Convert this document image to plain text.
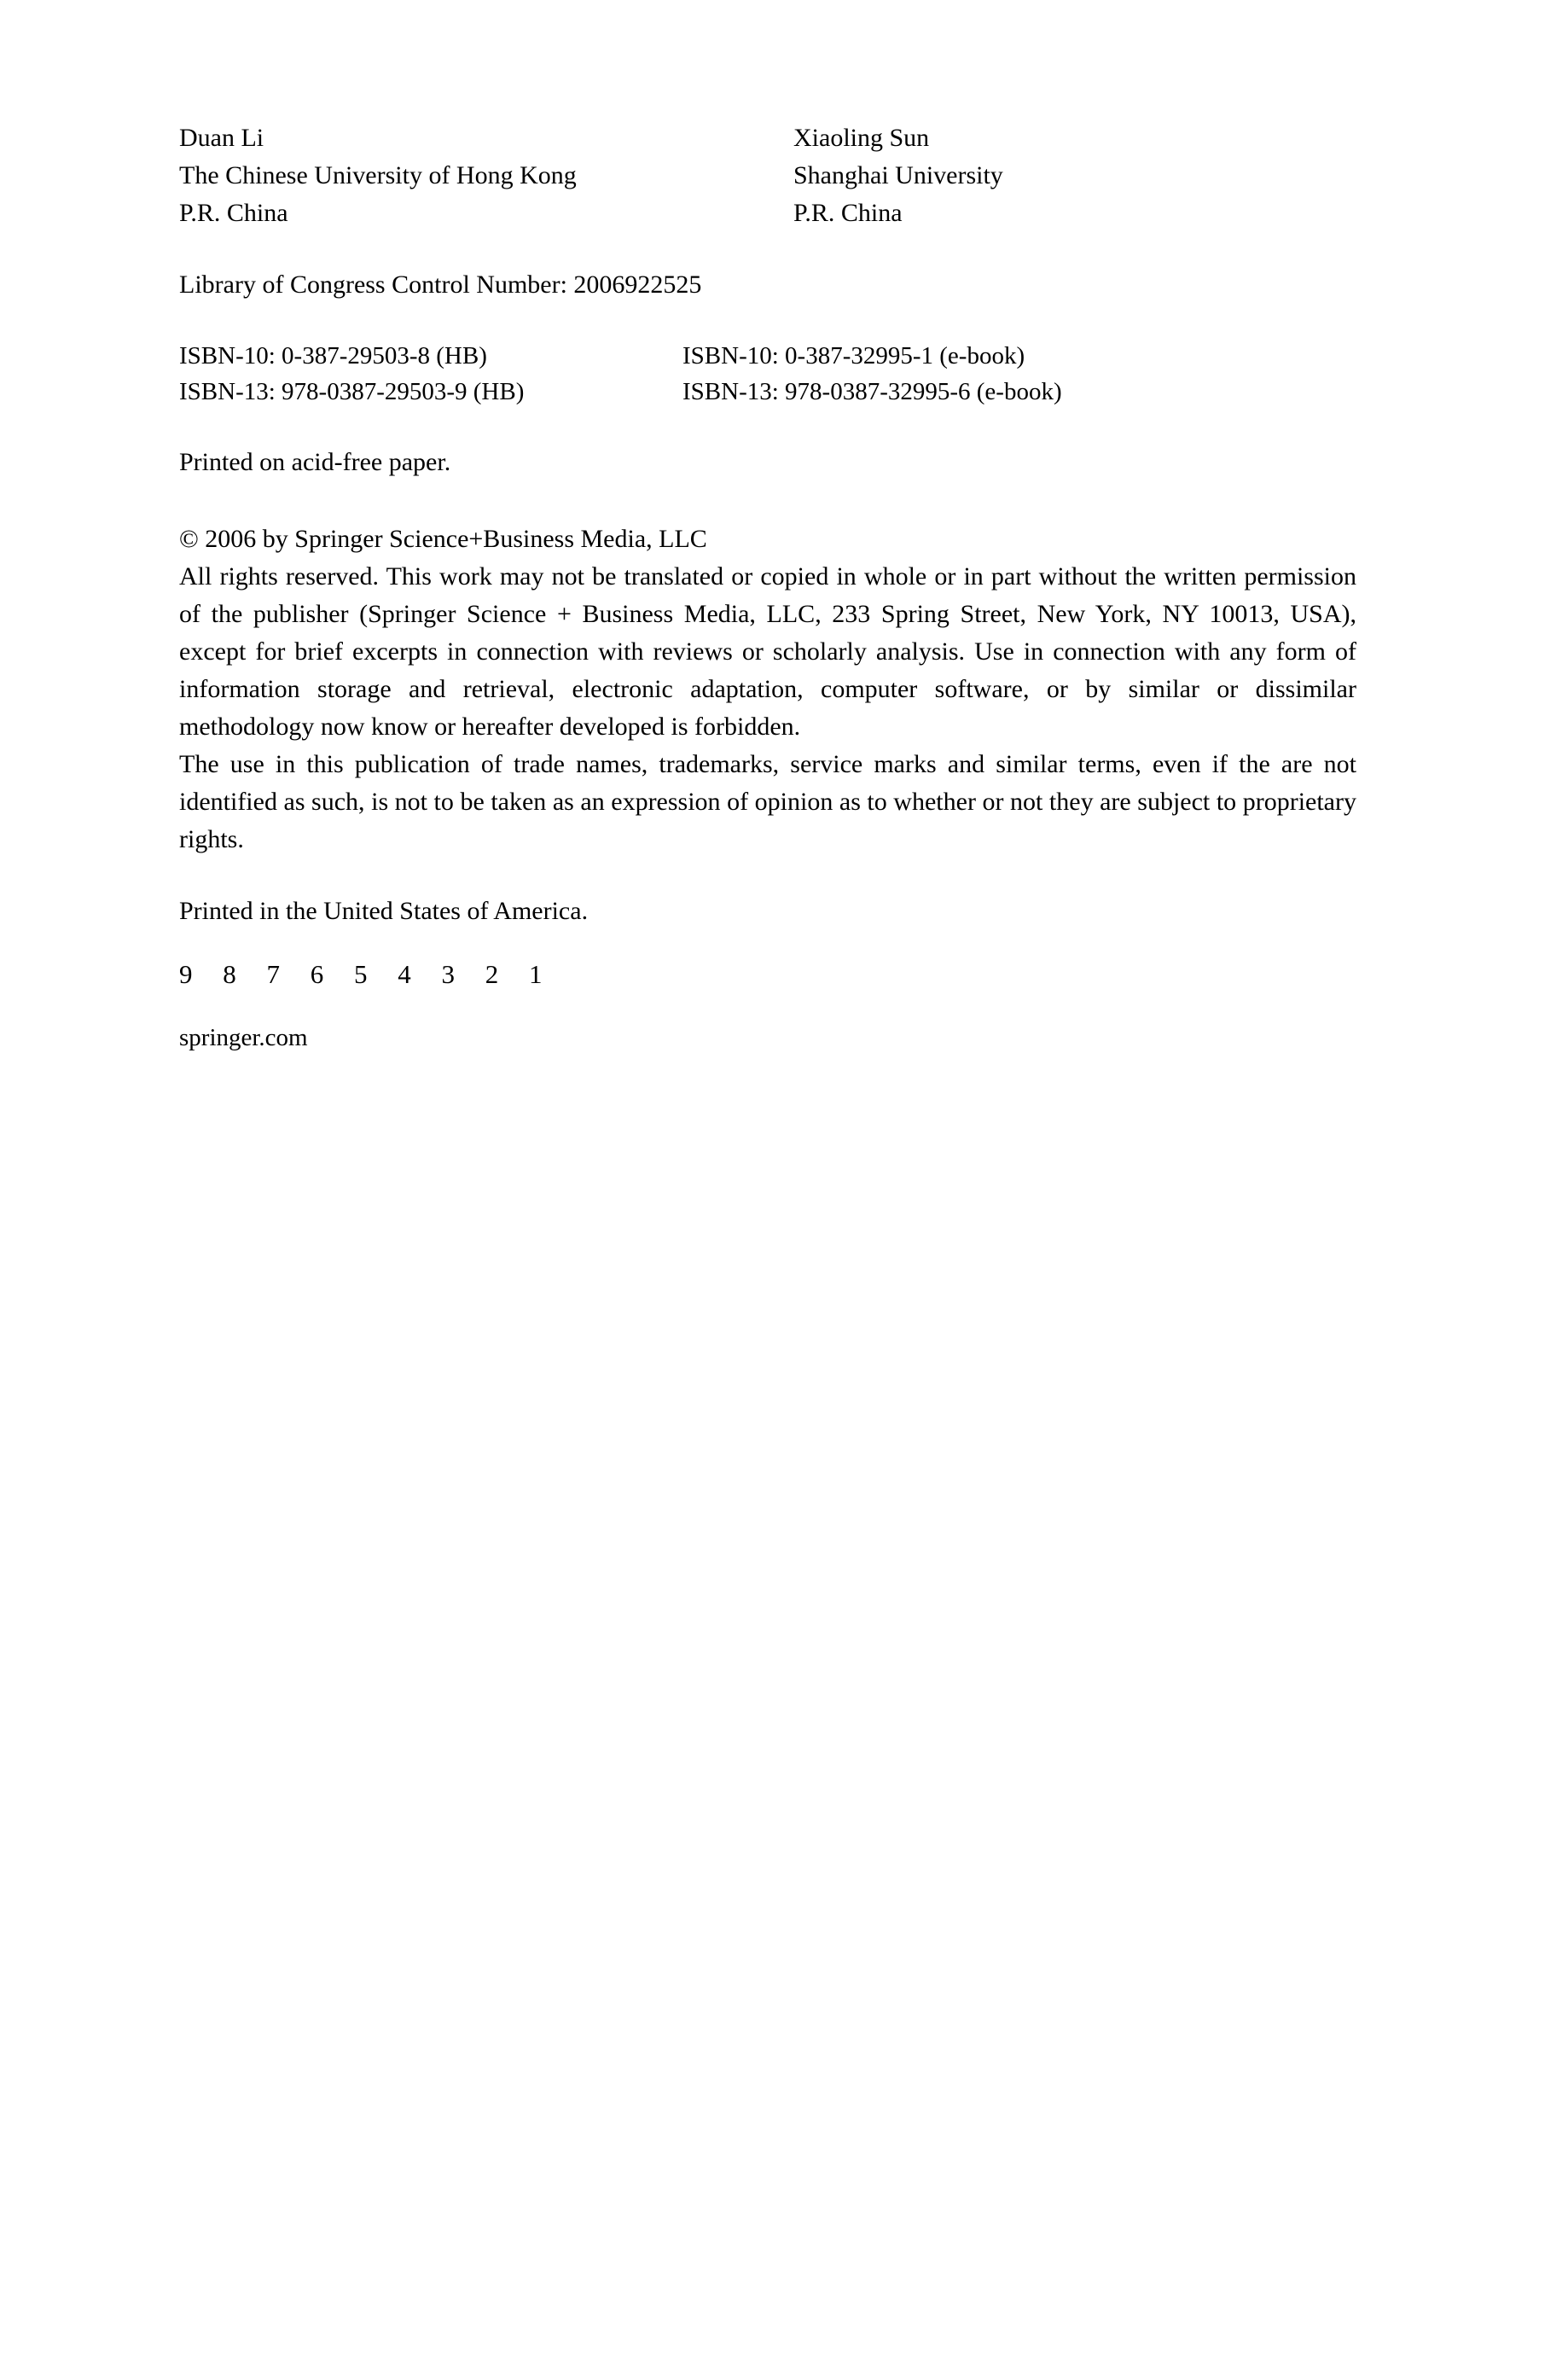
Duan Li
The Chinese University of Hong Kong
P.R. China
Xiaoling Sun
Shanghai University
P.R. China
Library of Congress Control Number: 2006922525
ISBN-10: 0-387-29503-8 (HB)	ISBN-10: 0-387-32995-1 (e-book)
ISBN-13: 978-0387-29503-9 (HB)	ISBN-13: 978-0387-32995-6 (e-book)
Printed on acid-free paper.
© 2006 by Springer Science+Business Media, LLC
All rights reserved. This work may not be translated or copied in whole or in part without the written permission of the publisher (Springer Science + Business Media, LLC, 233 Spring Street, New York, NY 10013, USA), except for brief excerpts in connection with reviews or scholarly analysis. Use in connection with any form of information storage and retrieval, electronic adaptation, computer software, or by similar or dissimilar methodology now know or hereafter developed is forbidden.
The use in this publication of trade names, trademarks, service marks and similar terms, even if the are not identified as such, is not to be taken as an expression of opinion as to whether or not they are subject to proprietary rights.
Printed in the United States of America.
9 8 7 6 5 4 3 2 1
springer.com
